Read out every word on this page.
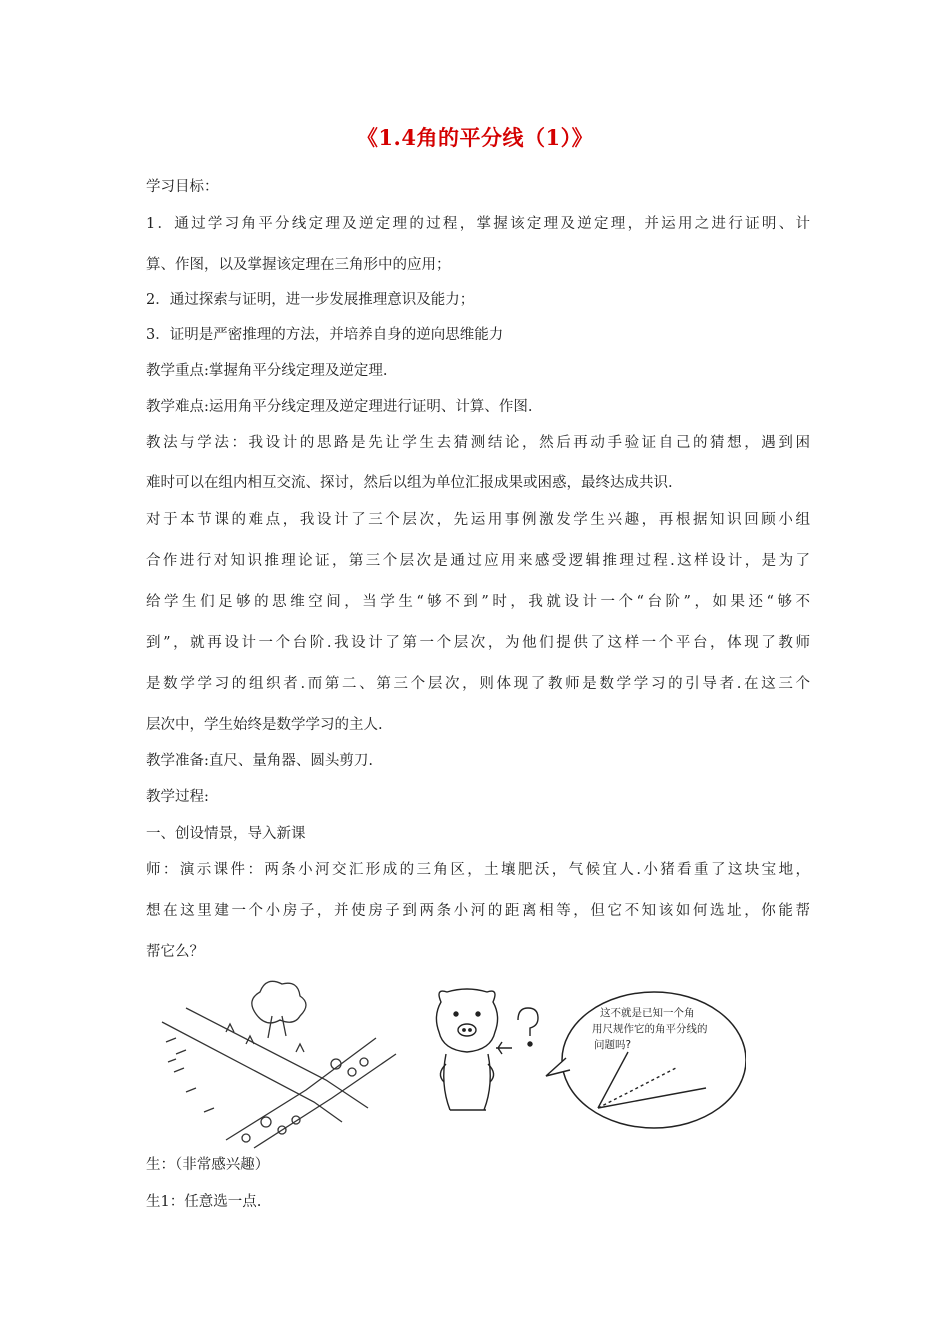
《1.4角的平分线（1）》
学习目标：
1．通过学习角平分线定理及逆定理的过程，掌握该定理及逆定理，并运用之进行证明、计
算、作图，以及掌握该定理在三角形中的应用；
2．通过探索与证明，进一步发展推理意识及能力；
3．证明是严密推理的方法，并培养自身的逆向思维能力
教学重点:掌握角平分线定理及逆定理.
教学难点:运用角平分线定理及逆定理进行证明、计算、作图.
教法与学法：我设计的思路是先让学生去猜测结论，然后再动手验证自己的猜想，遇到困
难时可以在组内相互交流、探讨，然后以组为单位汇报成果或困惑，最终达成共识.
对于本节课的难点，我设计了三个层次，先运用事例激发学生兴趣，再根据知识回顾小组
合作进行对知识推理论证，第三个层次是通过应用来感受逻辑推理过程.这样设计，是为了
给学生们足够的思维空间，当学生“够不到”时，我就设计一个“台阶”，如果还“够不
到”，就再设计一个台阶.我设计了第一个层次，为他们提供了这样一个平台，体现了教师
是数学学习的组织者.而第二、第三个层次，则体现了教师是数学学习的引导者.在这三个
层次中，学生始终是数学学习的主人.
教学准备:直尺、量角器、圆头剪刀.
教学过程:
一、创设情景，导入新课
师：演示课件：两条小河交汇形成的三角区，土壤肥沃，气候宜人.小猪看重了这块宝地，
想在这里建一个小房子，并使房子到两条小河的距离相等，但它不知该如何选址，你能帮
帮它么？
这不就是已知一个角
用尺规作它的角平分线的
问题吗?
生：（非常感兴趣）
生1：任意选一点.
